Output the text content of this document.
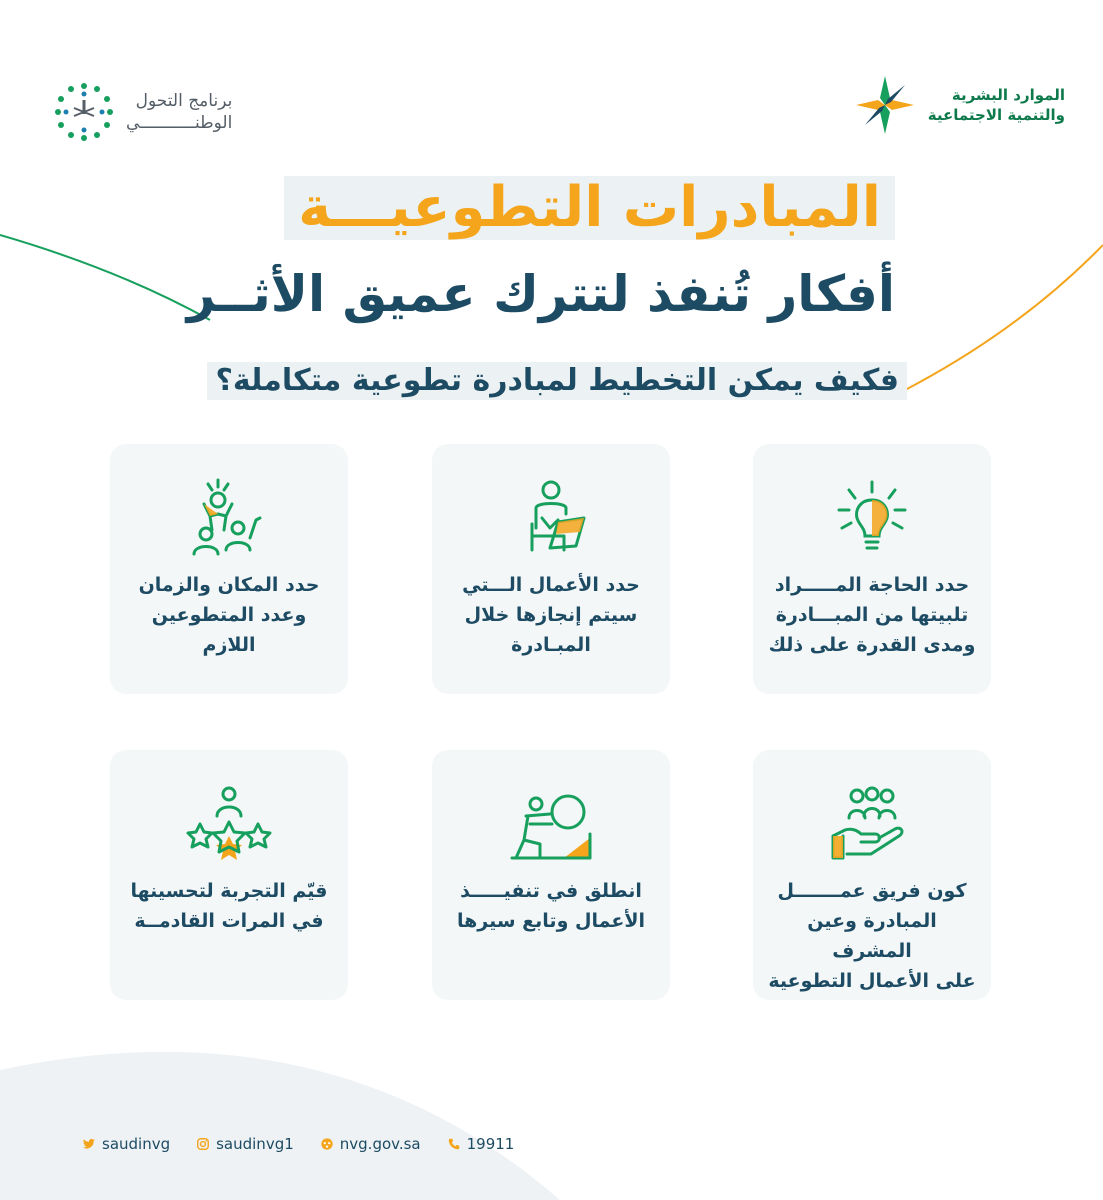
الموارد البشرية
والتنمية الاجتماعية
برنامج التحول
الوطنـــــــــــي
المبادرات التطوعيـــة
أفكار تُنفذ لتترك عميق الأثــر
فكيف يمكن التخطيط لمبادرة تطوعية متكاملة؟
حدد الحاجة المـــــراد
تلبيتها من المبـــادرة
ومدى القدرة على ذلك
حدد الأعمال الـــتي
سيتم إنجازها خلال
المبـادرة
حدد المكان والزمان
وعدد المتطوعين اللازم
كون فريق عمـــــــل
المبادرة وعين المشرف
على الأعمال التطوعية
انطلق في تنفيـــــذ
الأعمال وتابع سيرها
قيّم التجربة لتحسينها
في المرات القادمــة
saudinvg	saudinvg1	nvg.gov.sa	19911
